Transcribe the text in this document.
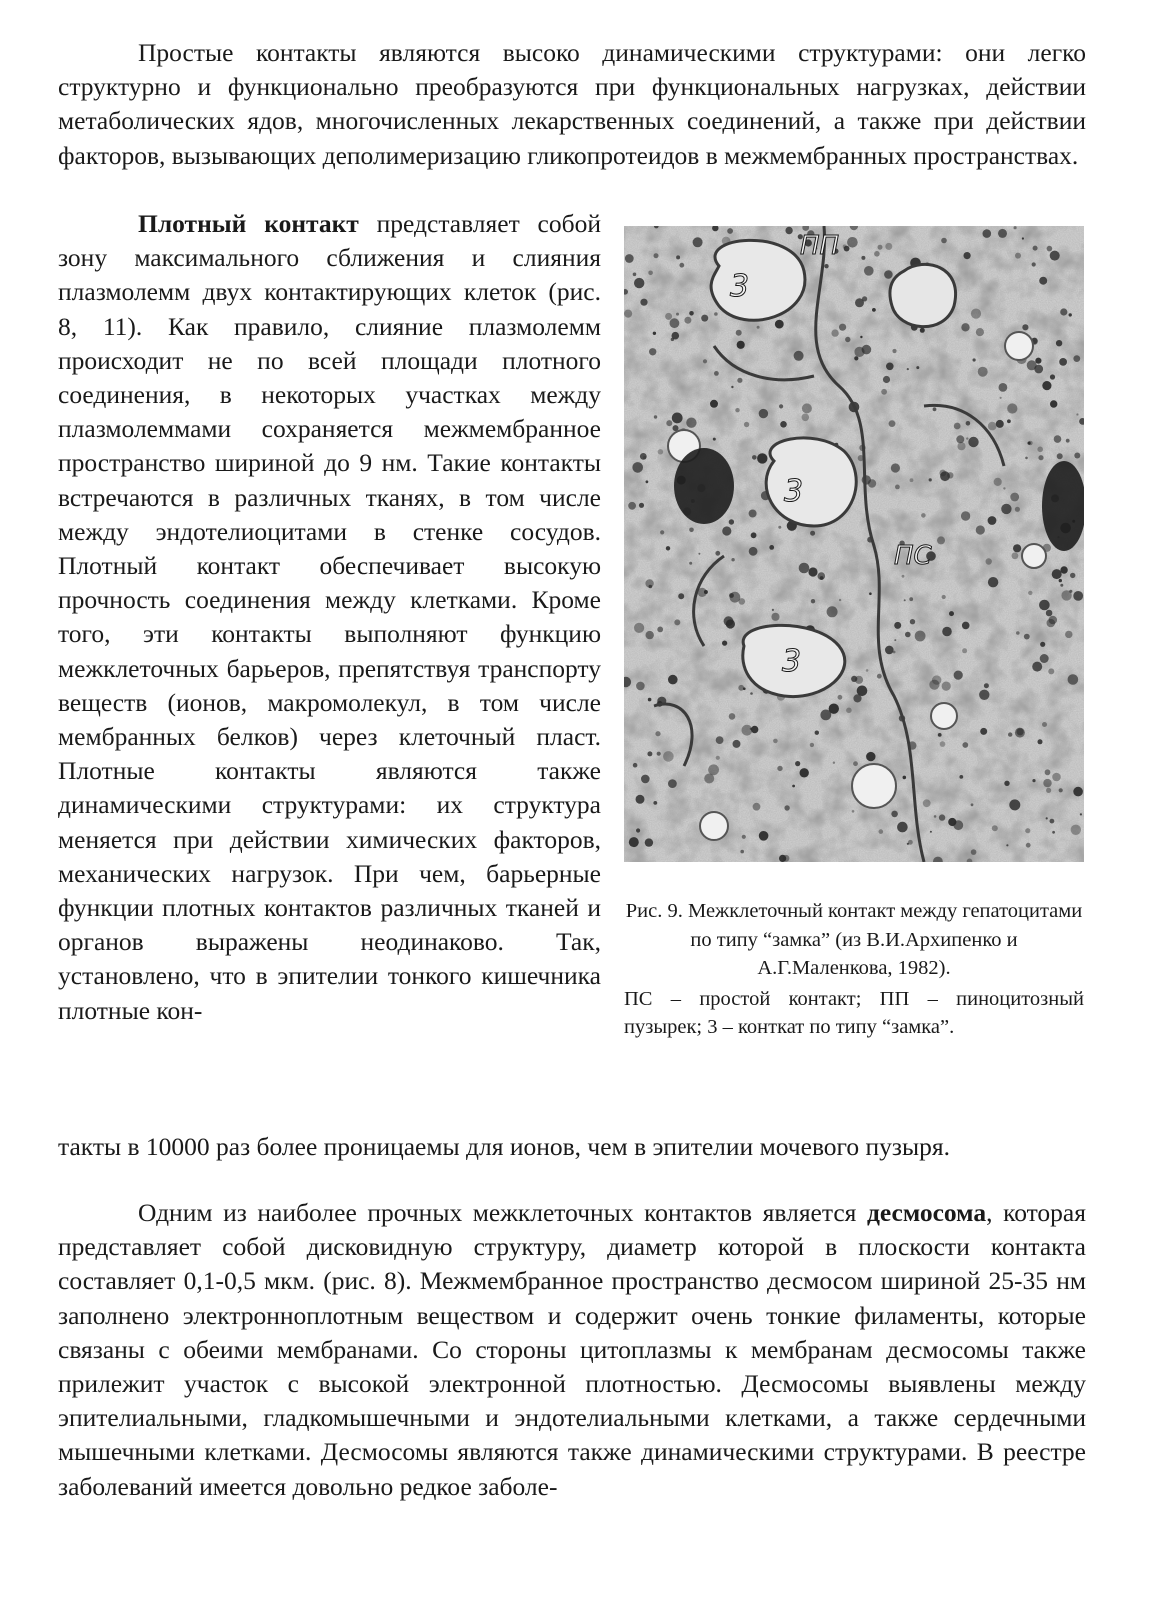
Простые контакты являются высоко динамическими структурами: они легко структурно и функционально преобразуются при функциональных нагрузках, действии метаболических ядов, многочисленных лекарственных соединений, а также при действии факторов, вызывающих деполимеризацию гликопротеидов в межмембранных пространствах.

Плотный контакт представляет собой зону максимального сближения и слияния плазмолемм двух контактирующих клеток (рис. 8, 11). Как правило, слияние плазмолемм происходит не по всей площади плотного соединения, в некоторых участках между плазмолеммами сохраняется межмембранное пространство шириной до 9 нм. Такие контакты встречаются в различных тканях, в том числе между эндотелиоцитами в стенке сосудов. Плотный контакт обеспечивает высокую прочность соединения между клетками. Кроме того, эти контакты выполняют функцию межклеточных барьеров, препятствуя транспорту веществ (ионов, макромолекул, в том числе мембранных белков) через клеточный пласт. Плотные контакты являются также динамическими структурами: их структура меняется при действии химических факторов, механических нагрузок. При чем, барьерные функции плотных контактов различных тканей и органов выражены неодинаково. Так, установлено, что в эпителии тонкого кишечника плотные кон-

ПП
3
3
ПС
3
Рис. 9. Межклеточный контакт между гепатоцитами по типу “замка” (из В.И.Архипенко и А.Г.Маленкова, 1982).
ПС – простой контакт; ПП – пиноцитозный пузырек; 3 – конткат по типу “замка”.

такты в 10000 раз более проницаемы для ионов, чем в эпителии мочевого пузыря.

Одним из наиболее прочных межклеточных контактов является десмосома, которая представляет собой дисковидную структуру, диаметр которой в плоскости контакта составляет 0,1-0,5 мкм. (рис. 8). Межмембранное пространство десмосом шириной 25-35 нм заполнено электронноплотным веществом и содержит очень тонкие филаменты, которые связаны с обеими мембранами. Со стороны цитоплазмы к мембранам десмосомы также прилежит участок с высокой электронной плотностью. Десмосомы выявлены между эпителиальными, гладкомышечными и эндотелиальными клетками, а также сердечными мышечными клетками. Десмосомы являются также динамическими структурами. В реестре заболеваний имеется довольно редкое заболе-
